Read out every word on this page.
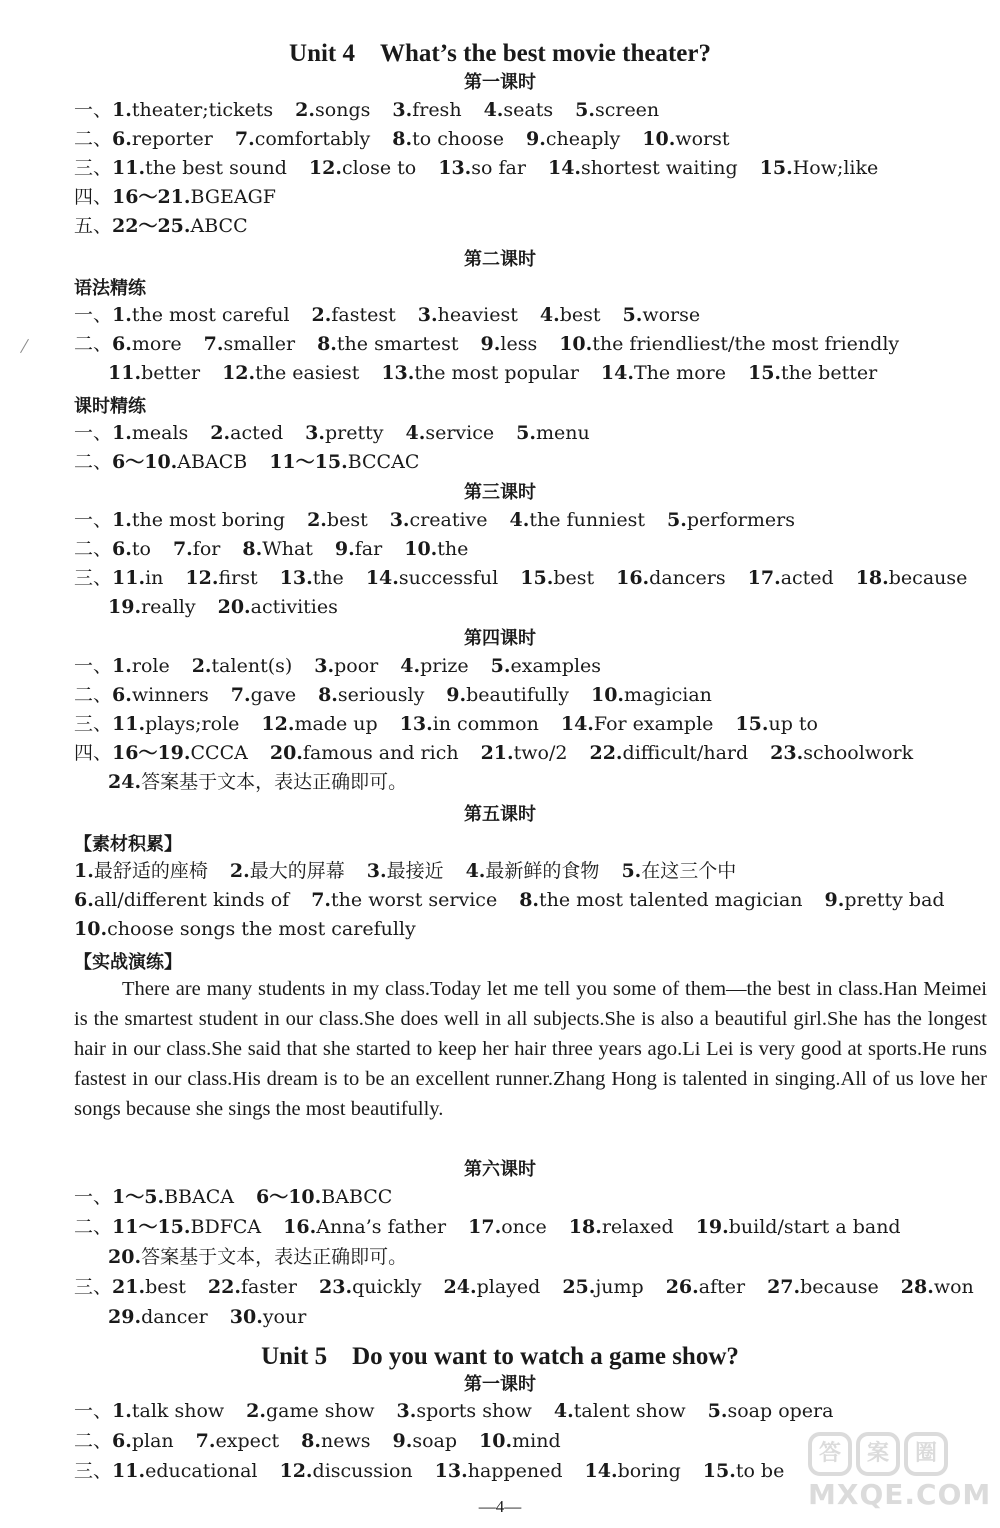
Unit 4　What’s the best movie theater?
第一课时
一、1.theater;tickets 2.songs 3.fresh 4.seats 5.screen
二、6.reporter 7.comfortably 8.to choose 9.cheaply 10.worst
三、11.the best sound 12.close to 13.so far 14.shortest waiting 15.How;like
四、16～21.BGEAGF
五、22～25.ABCC
第二课时
语法精练
一、1.the most careful 2.fastest 3.heaviest 4.best 5.worse
二、6.more 7.smaller 8.the smartest 9.less 10.the friendliest/the most friendly
11.better 12.the easiest 13.the most popular 14.The more 15.the better
课时精练
一、1.meals 2.acted 3.pretty 4.service 5.menu
二、6～10.ABACB 11～15.BCCAC
第三课时
一、1.the most boring 2.best 3.creative 4.the funniest 5.performers
二、6.to 7.for 8.What 9.far 10.the
三、11.in 12.first 13.the 14.successful 15.best 16.dancers 17.acted 18.because
19.really 20.activities
第四课时
一、1.role 2.talent(s) 3.poor 4.prize 5.examples
二、6.winners 7.gave 8.seriously 9.beautifully 10.magician
三、11.plays;role 12.made up 13.in common 14.For example 15.up to
四、16～19.CCCA 20.famous and rich 21.two/2 22.difficult/hard 23.schoolwork
24.答案基于文本，表达正确即可。
第五课时
【素材积累】
1.最舒适的座椅 2.最大的屏幕 3.最接近 4.最新鲜的食物 5.在这三个中
6.all/different kinds of 7.the worst service 8.the most talented magician 9.pretty bad
10.choose songs the most carefully
【实战演练】

There are many students in my class.Today let me tell you some of them—the best in class.Han Meimei is the smartest student in our class.She does well in all subjects.She is also a beautiful girl.She has the longest hair in our class.She said that she started to keep her hair three years ago.Li Lei is very good at sports.He runs fastest in our class.His dream is to be an excellent runner.Zhang Hong is talented in singing.All of us love her songs because she sings the most beautifully.

第六课时
一、1～5.BBACA 6～10.BABCC
二、11～15.BDFCA 16.Anna’s father 17.once 18.relaxed 19.build/start a band
20.答案基于文本，表达正确即可。
三、21.best 22.faster 23.quickly 24.played 25.jump 26.after 27.because 28.won
29.dancer 30.your
Unit 5　Do you want to watch a game show?
第一课时
一、1.talk show 2.game show 3.sports show 4.talent show 5.soap opera
二、6.plan 7.expect 8.news 9.soap 10.mind
三、11.educational 12.discussion 13.happened 14.boring 15.to be
—4—
答	案	圈
MXQE.COM
